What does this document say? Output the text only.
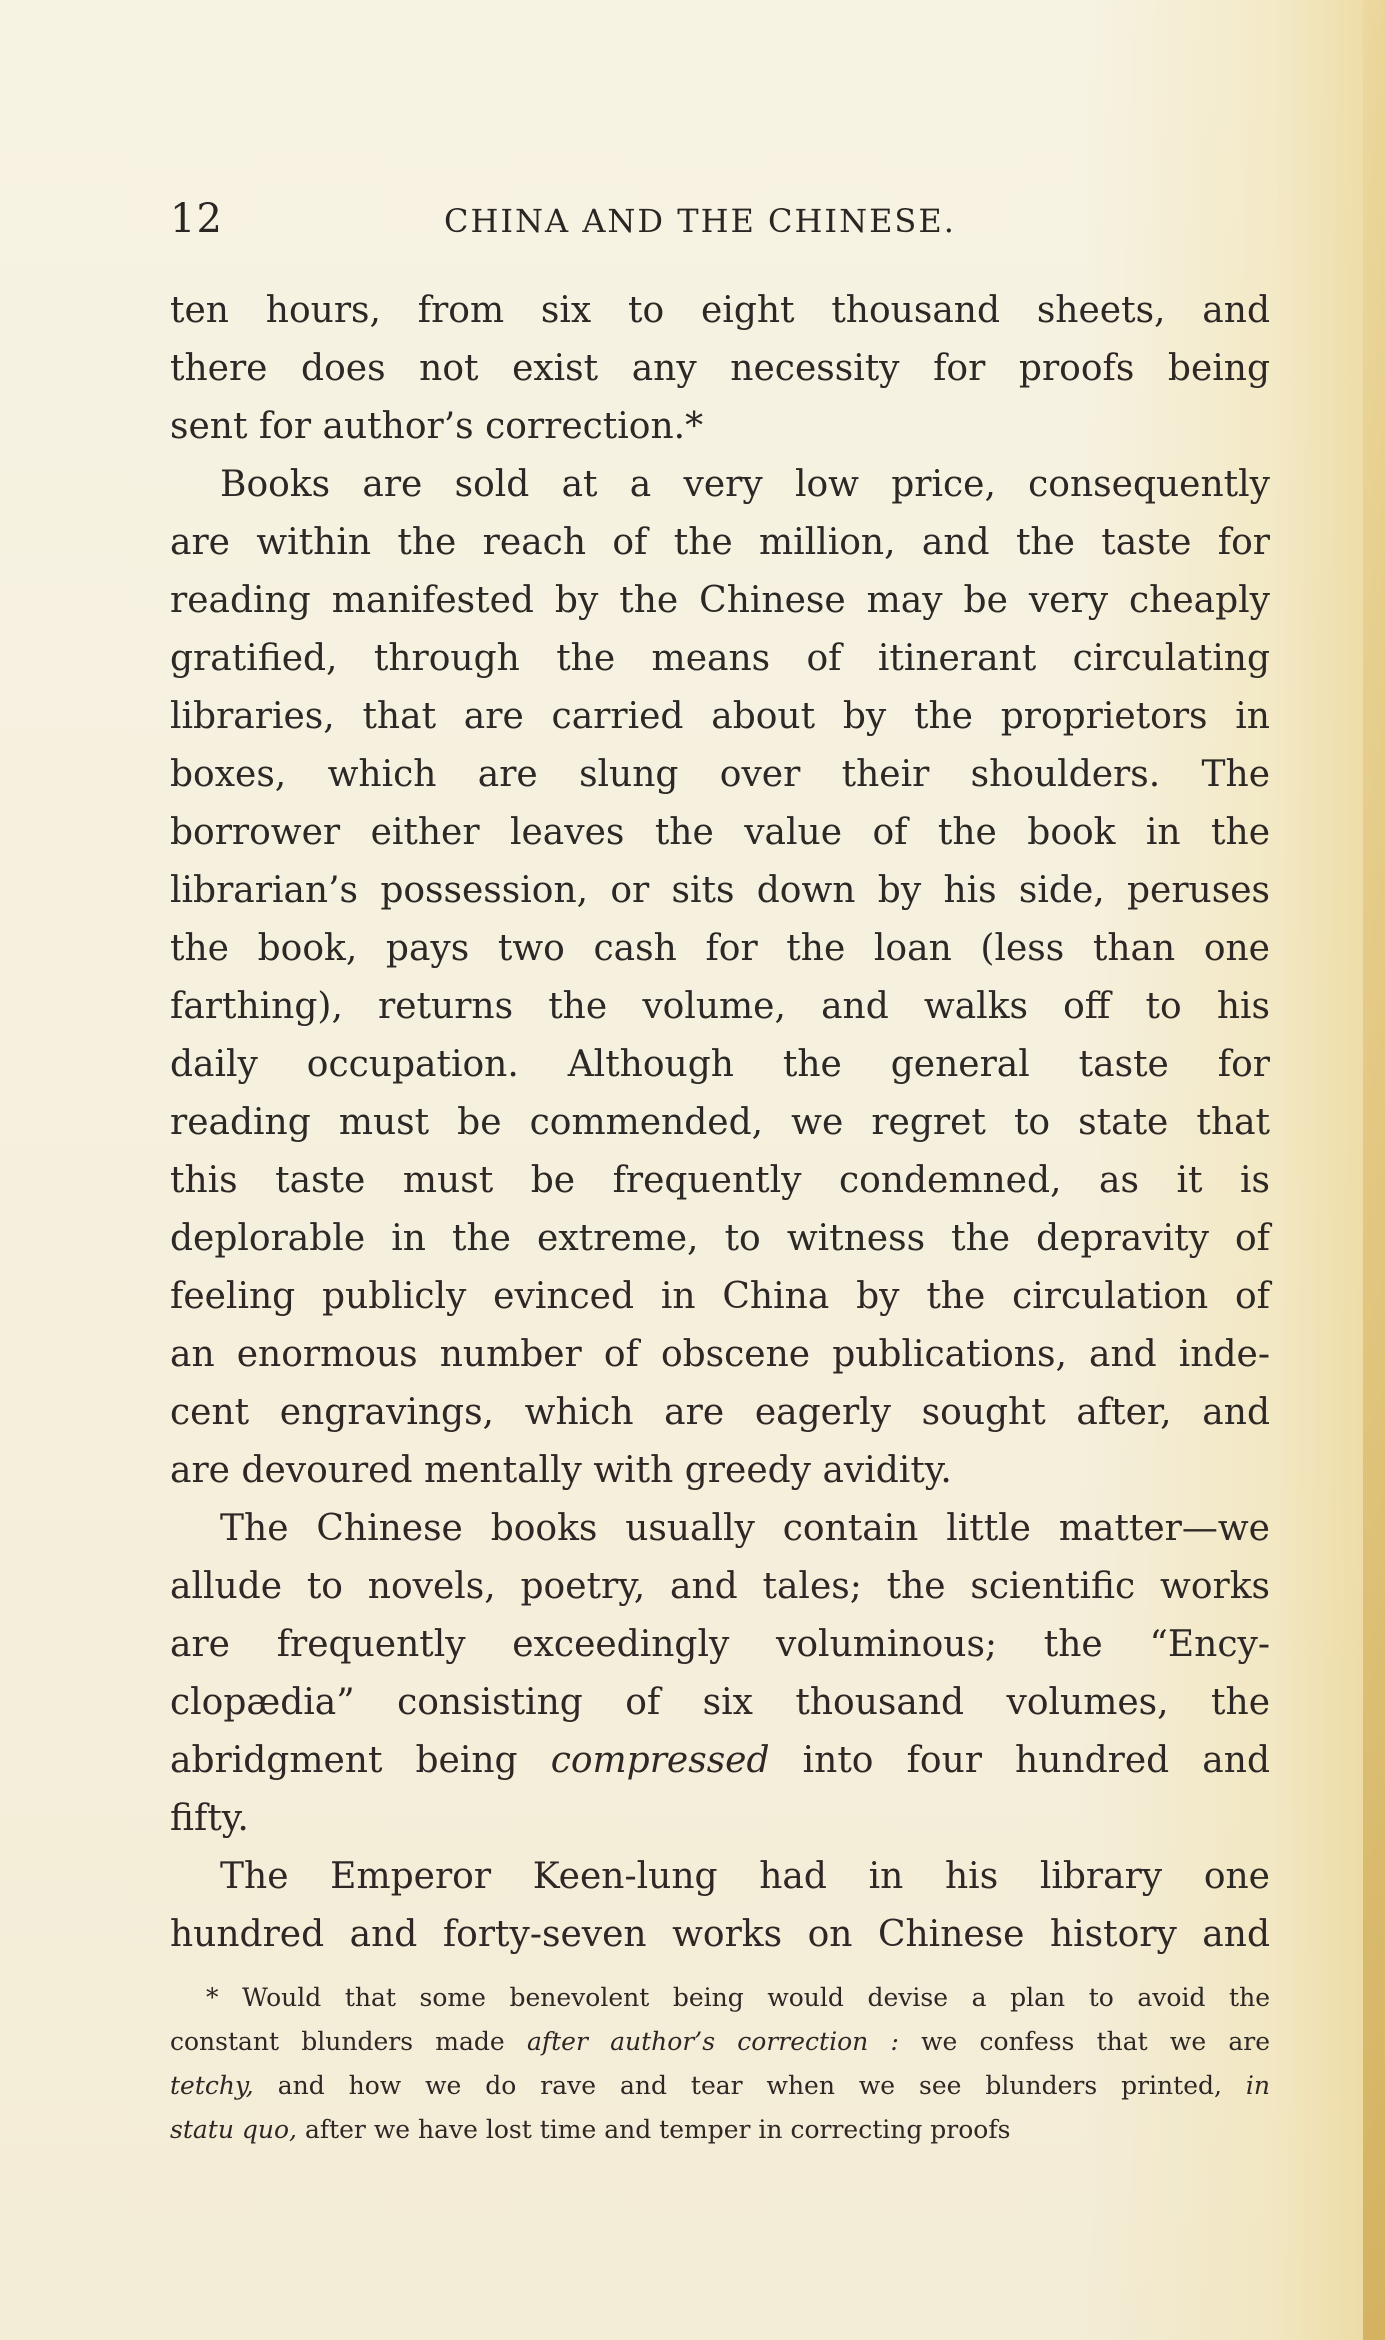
12	CHINA AND THE CHINESE.
ten hours, from six to eight thousand sheets, and
there does not exist any necessity for proofs being
sent for author’s correction.*
Books are sold at a very low price, consequently
are within the reach of the million, and the taste for
reading manifested by the Chinese may be very cheaply
gratified, through the means of itinerant circulating
libraries, that are carried about by the proprietors in
boxes, which are slung over their shoulders. The
borrower either leaves the value of the book in the
librarian’s possession, or sits down by his side, peruses
the book, pays two cash for the loan (less than one
farthing), returns the volume, and walks off to his
daily occupation. Although the general taste for
reading must be commended, we regret to state that
this taste must be frequently condemned, as it is
deplorable in the extreme, to witness the depravity of
feeling publicly evinced in China by the circulation of
an enormous number of obscene publications, and inde-
cent engravings, which are eagerly sought after, and
are devoured mentally with greedy avidity.
The Chinese books usually contain little matter—we
allude to novels, poetry, and tales; the scientific works
are frequently exceedingly voluminous; the “Ency-
clopædia” consisting of six thousand volumes, the
abridgment being compressed into four hundred and
fifty.
The Emperor Keen-lung had in his library one
hundred and forty-seven works on Chinese history and
* Would that some benevolent being would devise a plan to avoid the
constant blunders made after author’s correction : we confess that we are
tetchy, and how we do rave and tear when we see blunders printed, in
statu quo, after we have lost time and temper in correcting proofs
